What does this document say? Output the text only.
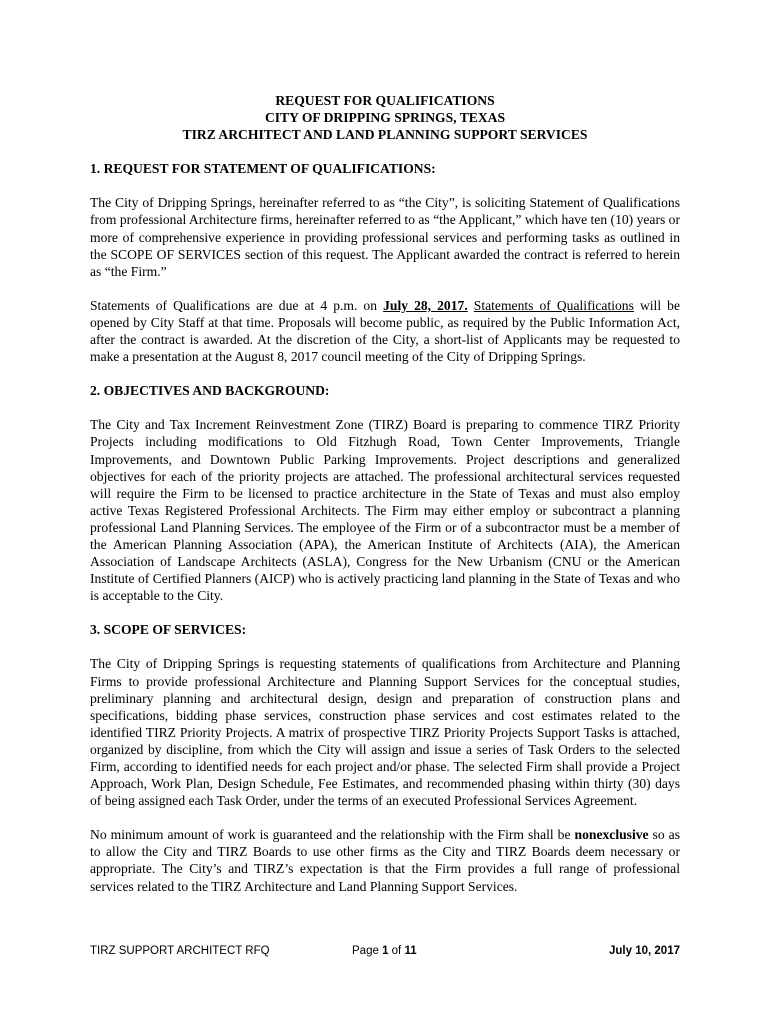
REQUEST FOR QUALIFICATIONS
CITY OF DRIPPING SPRINGS, TEXAS
TIRZ ARCHITECT AND LAND PLANNING SUPPORT SERVICES
1. REQUEST FOR STATEMENT OF QUALIFICATIONS:

The City of Dripping Springs, hereinafter referred to as “the City”, is soliciting Statement of Qualifications from professional Architecture firms, hereinafter referred to as “the Applicant,” which have ten (10) years or more of comprehensive experience in providing professional services and performing tasks as outlined in the SCOPE OF SERVICES section of this request. The Applicant awarded the contract is referred to herein as “the Firm.”

Statements of Qualifications are due at 4 p.m. on July 28, 2017. Statements of Qualifications will be opened by City Staff at that time. Proposals will become public, as required by the Public Information Act, after the contract is awarded. At the discretion of the City, a short-list of Applicants may be requested to make a presentation at the August 8, 2017 council meeting of the City of Dripping Springs.

2. OBJECTIVES AND BACKGROUND:

The City and Tax Increment Reinvestment Zone (TIRZ) Board is preparing to commence TIRZ Priority Projects including modifications to Old Fitzhugh Road, Town Center Improvements, Triangle Improvements, and Downtown Public Parking Improvements. Project descriptions and generalized objectives for each of the priority projects are attached. The professional architectural services requested will require the Firm to be licensed to practice architecture in the State of Texas and must also employ active Texas Registered Professional Architects. The Firm may either employ or subcontract a planning professional Land Planning Services. The employee of the Firm or of a subcontractor must be a member of the American Planning Association (APA), the American Institute of Architects (AIA), the American Association of Landscape Architects (ASLA), Congress for the New Urbanism (CNU or the American Institute of Certified Planners (AICP) who is actively practicing land planning in the State of Texas and who is acceptable to the City.

3. SCOPE OF SERVICES:

The City of Dripping Springs is requesting statements of qualifications from Architecture and Planning Firms to provide professional Architecture and Planning Support Services for the conceptual studies, preliminary planning and architectural design, design and preparation of construction plans and specifications, bidding phase services, construction phase services and cost estimates related to the identified TIRZ Priority Projects. A matrix of prospective TIRZ Priority Projects Support Tasks is attached, organized by discipline, from which the City will assign and issue a series of Task Orders to the selected Firm, according to identified needs for each project and/or phase. The selected Firm shall provide a Project Approach, Work Plan, Design Schedule, Fee Estimates, and recommended phasing within thirty (30) days of being assigned each Task Order, under the terms of an executed Professional Services Agreement.

No minimum amount of work is guaranteed and the relationship with the Firm shall be nonexclusive so as to allow the City and TIRZ Boards to use other firms as the City and TIRZ Boards deem necessary or appropriate. The City’s and TIRZ’s expectation is that the Firm provides a full range of professional services related to the TIRZ Architecture and Land Planning Support Services.

TIRZ SUPPORT ARCHITECT RFQ	Page 1 of 11	July 10, 2017
